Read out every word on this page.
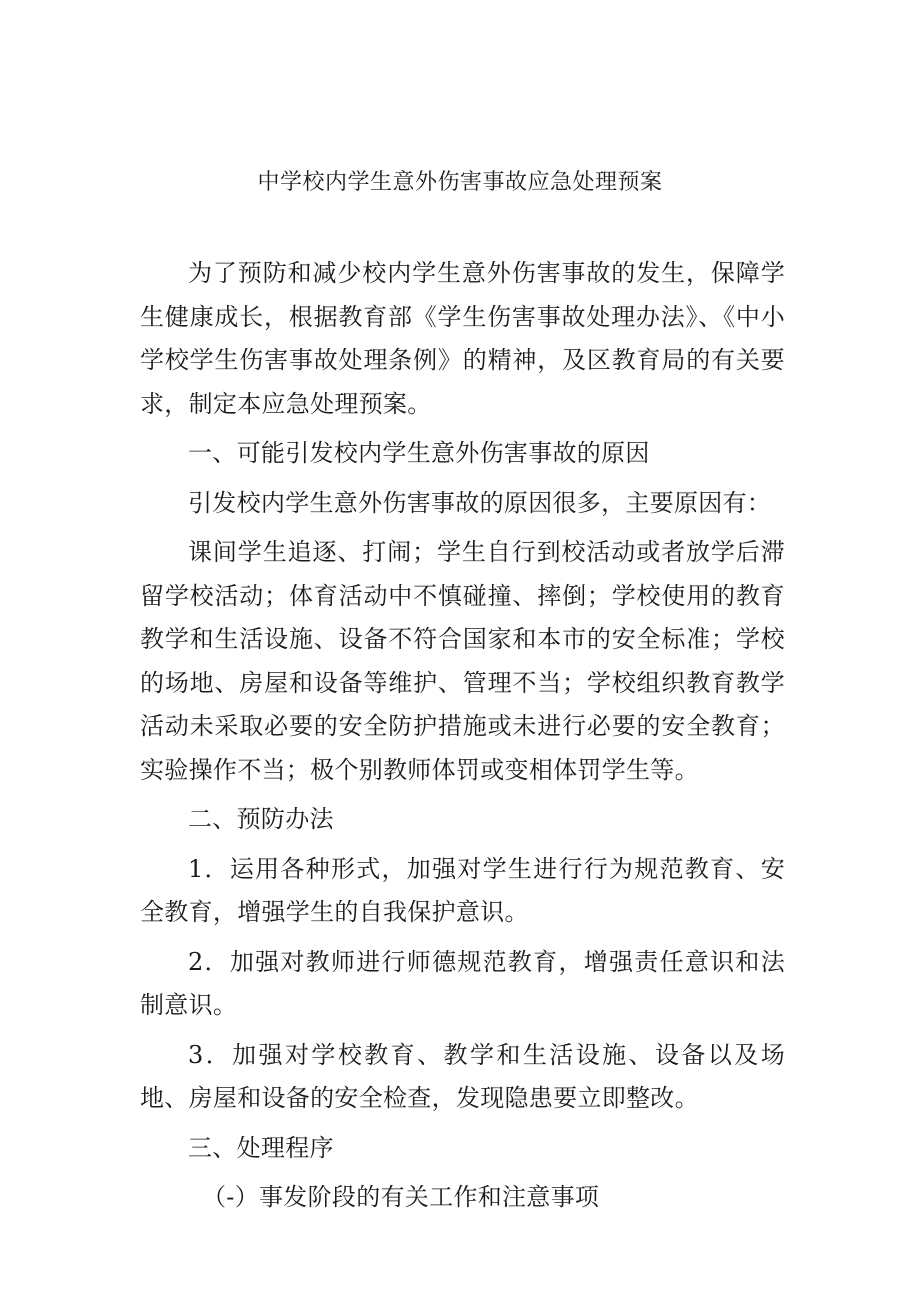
中学校内学生意外伤害事故应急处理预案

为了预防和减少校内学生意外伤害事故的发生，保障学生健康成长，根据教育部《学生伤害事故处理办法》、《中小学校学生伤害事故处理条例》的精神，及区教育局的有关要求，制定本应急处理预案。

一、可能引发校内学生意外伤害事故的原因

引发校内学生意外伤害事故的原因很多，主要原因有：

课间学生追逐、打闹；学生自行到校活动或者放学后滞留学校活动；体育活动中不慎碰撞、摔倒；学校使用的教育教学和生活设施、设备不符合国家和本市的安全标准；学校的场地、房屋和设备等维护、管理不当；学校组织教育教学活动未采取必要的安全防护措施或未进行必要的安全教育；实验操作不当；极个别教师体罚或变相体罚学生等。

二、预防办法

1．运用各种形式，加强对学生进行行为规范教育、安全教育，增强学生的自我保护意识。

2．加强对教师进行师德规范教育，增强责任意识和法制意识。

3．加强对学校教育、教学和生活设施、设备以及场地、房屋和设备的安全检查，发现隐患要立即整改。

三、处理程序

（-）事发阶段的有关工作和注意事项
